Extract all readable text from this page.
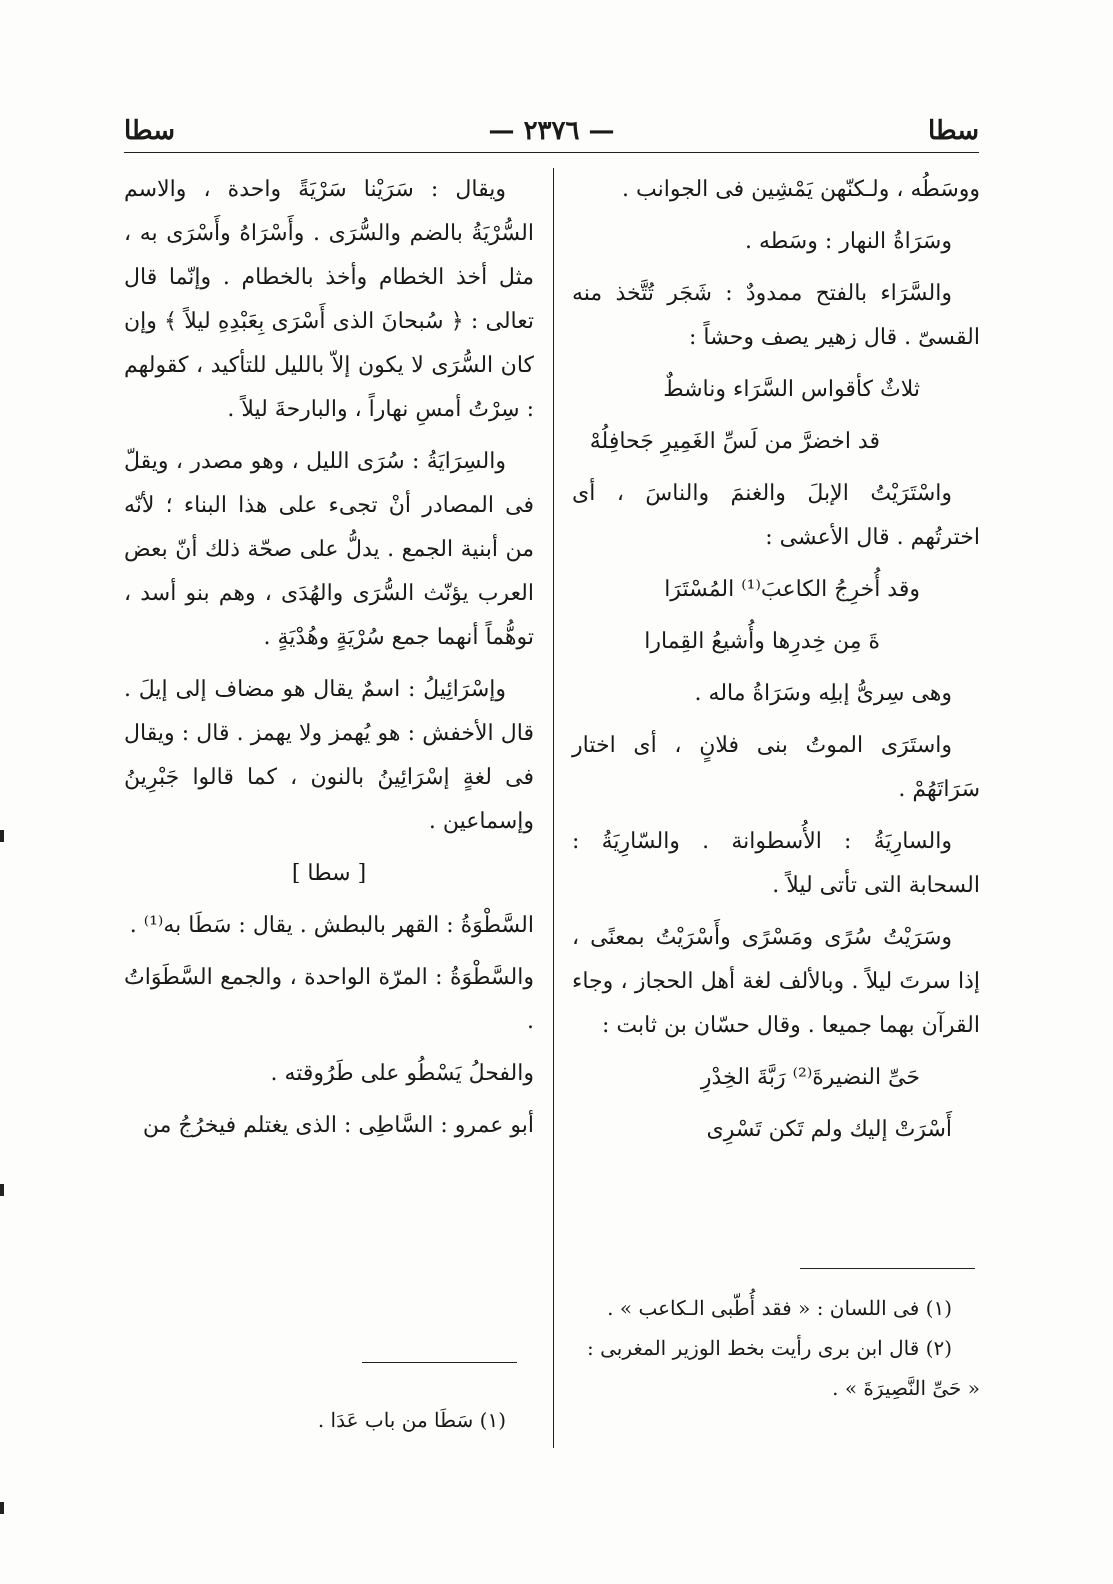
سطا
— ٢٣٧٦ —
سطا

ووسَطُه ، ولـكنّهن يَمْشِين فى الجوانب .

وسَرَاةُ النهار : وسَطه .

والسَّرَاء بالفتح ممدودٌ : شَجَر تُتَّخذ منه القسىّ . قال زهير يصف وحشاً :

ثلاثٌ كأقواس السَّرَاء وناشطٌ

قد اخضرَّ من لَسِّ الغَمِيرِ جَحافِلُهْ

واسْتَرَيْتُ الإبلَ والغنمَ والناسَ ، أى اخترتُهم . قال الأعشى :

وقد أُخرِجُ الكاعبَ⁽¹⁾ المُسْتَرَا

ةَ مِن خِدرِها وأُشيعُ القِمارا

وهى سِرىُّ إبلِه وسَرَاةُ ماله .

واستَرَى الموتُ بنى فلانٍ ، أى اختار سَرَاتَهُمْ .

والسارِيَةُ : الأُسطوانة . والسّارِيَةُ : السحابة التى تأتى ليلاً .

وسَرَيْتُ سُرًى ومَسْرًى وأَسْرَيْتُ بمعنًى ، إذا سرتَ ليلاً . وبالألف لغة أهل الحجاز ، وجاء القرآن بهما جميعا . وقال حسّان بن ثابت :

حَىِّ النضيرةَ⁽²⁾ رَبَّةَ الخِدْرِ

أَسْرَتْ إليك ولم تَكن تَسْرِى

(١) فى اللسان : « فقد أُطّبى الـكاعب » .

(٢) قال ابن برى رأيت بخط الوزير المغربى :

« حَىِّ النَّصِيرَةَ » .

ويقال : سَرَيْنا سَرْيَةً واحدة ، والاسم السُّرْيَةُ بالضم والسُّرَى . وأَسْرَاهُ وأَسْرَى به ، مثل أخذ الخطام وأخذ بالخطام . وإنّما قال تعالى : ﴿ سُبحانَ الذى أَسْرَى بِعَبْدِهِ ليلاً ﴾ وإن كان السُّرَى لا يكون إلاّ بالليل للتأكيد ، كقولهم : سِرْتُ أمسِ نهاراً ، والبارحةَ ليلاً .

والسِرَايَةُ : سُرَى الليل ، وهو مصدر ، ويقلّ فى المصادر أنْ تجىء على هذا البناء ؛ لأنّه من أبنية الجمع . يدلُّ على صحّة ذلك أنّ بعض العرب يؤنّث السُّرَى والهُدَى ، وهم بنو أسد ، توهُّماً أنهما جمع سُرْيَةٍ وهُدْيَةٍ .

وإسْرَائِيلُ : اسمٌ يقال هو مضاف إلى إيلَ . قال الأخفش : هو يُهمز ولا يهمز . قال : ويقال فى لغةٍ إسْرَائِينُ بالنون ، كما قالوا جَبْرِينُ وإسماعين .

[ سطا ]

السَّطْوَةُ : القهر بالبطش . يقال : سَطَا به⁽¹⁾ .

والسَّطْوَةُ : المرّة الواحدة ، والجمع السَّطَوَاتُ .

والفحلُ يَسْطُو على طَرُوقته .

أبو عمرو : السَّاطِى : الذى يغتلم فيخرُجُ من

(١) سَطَا من باب عَدَا .
